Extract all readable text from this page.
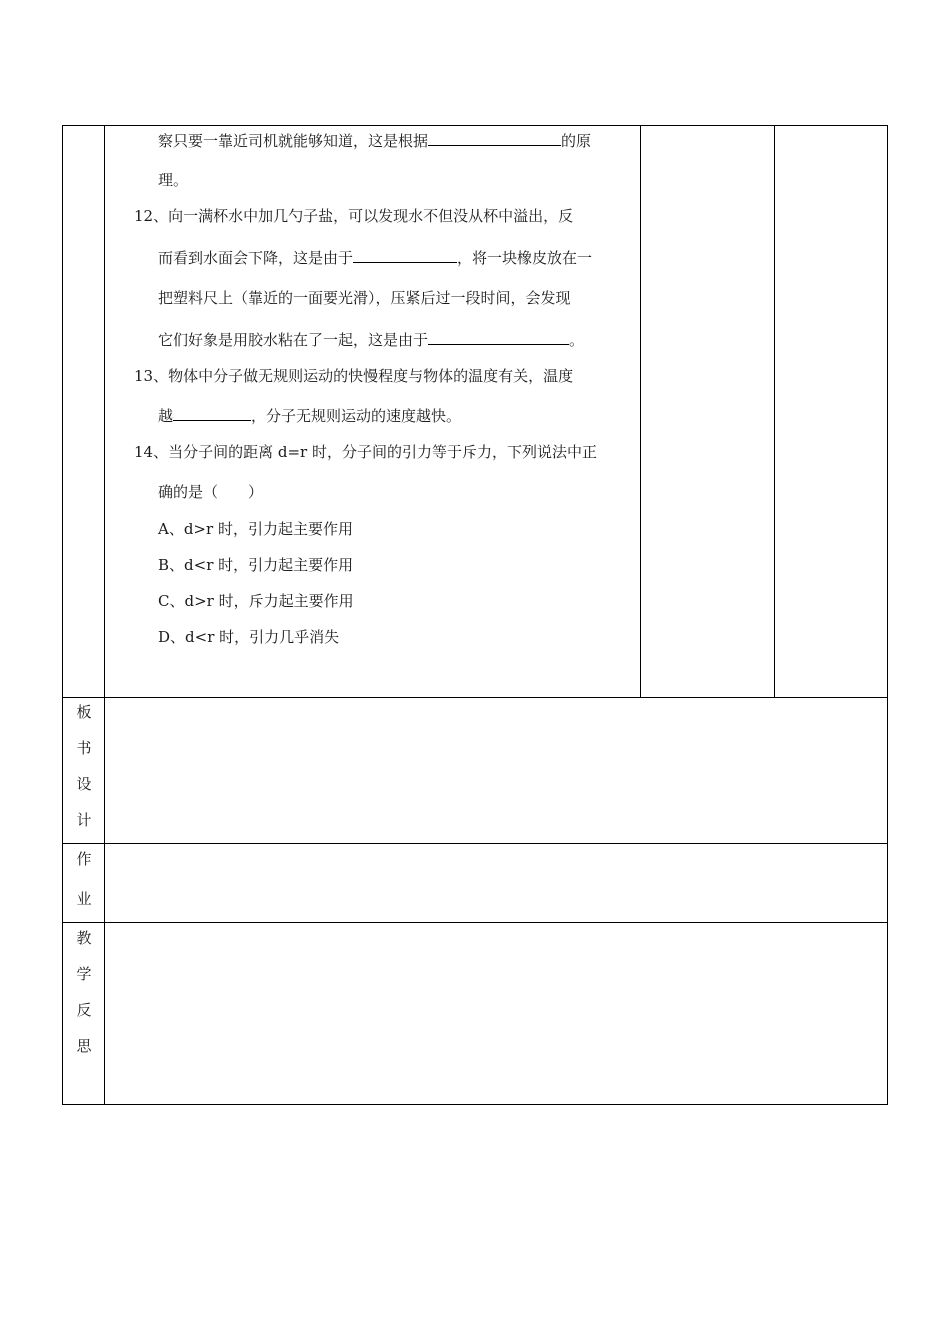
察只要一靠近司机就能够知道，这是根据	的原
理。
12、向一满杯水中加几勺子盐，可以发现水不但没从杯中溢出，反
而看到水面会下降，这是由于	，将一块橡皮放在一
把塑料尺上（靠近的一面要光滑），压紧后过一段时间，会发现
它们好象是用胶水粘在了一起，这是由于	。
13、物体中分子做无规则运动的快慢程度与物体的温度有关，温度
越	，分子无规则运动的速度越快。
14、当分子间的距离 d=r 时，分子间的引力等于斥力，下列说法中正
确的是（　　）
A、d>r 时，引力起主要作用
B、d<r 时，引力起主要作用
C、d>r 时，斥力起主要作用
D、d<r 时，引力几乎消失
板
书
设
计
作
业
教
学
反
思
